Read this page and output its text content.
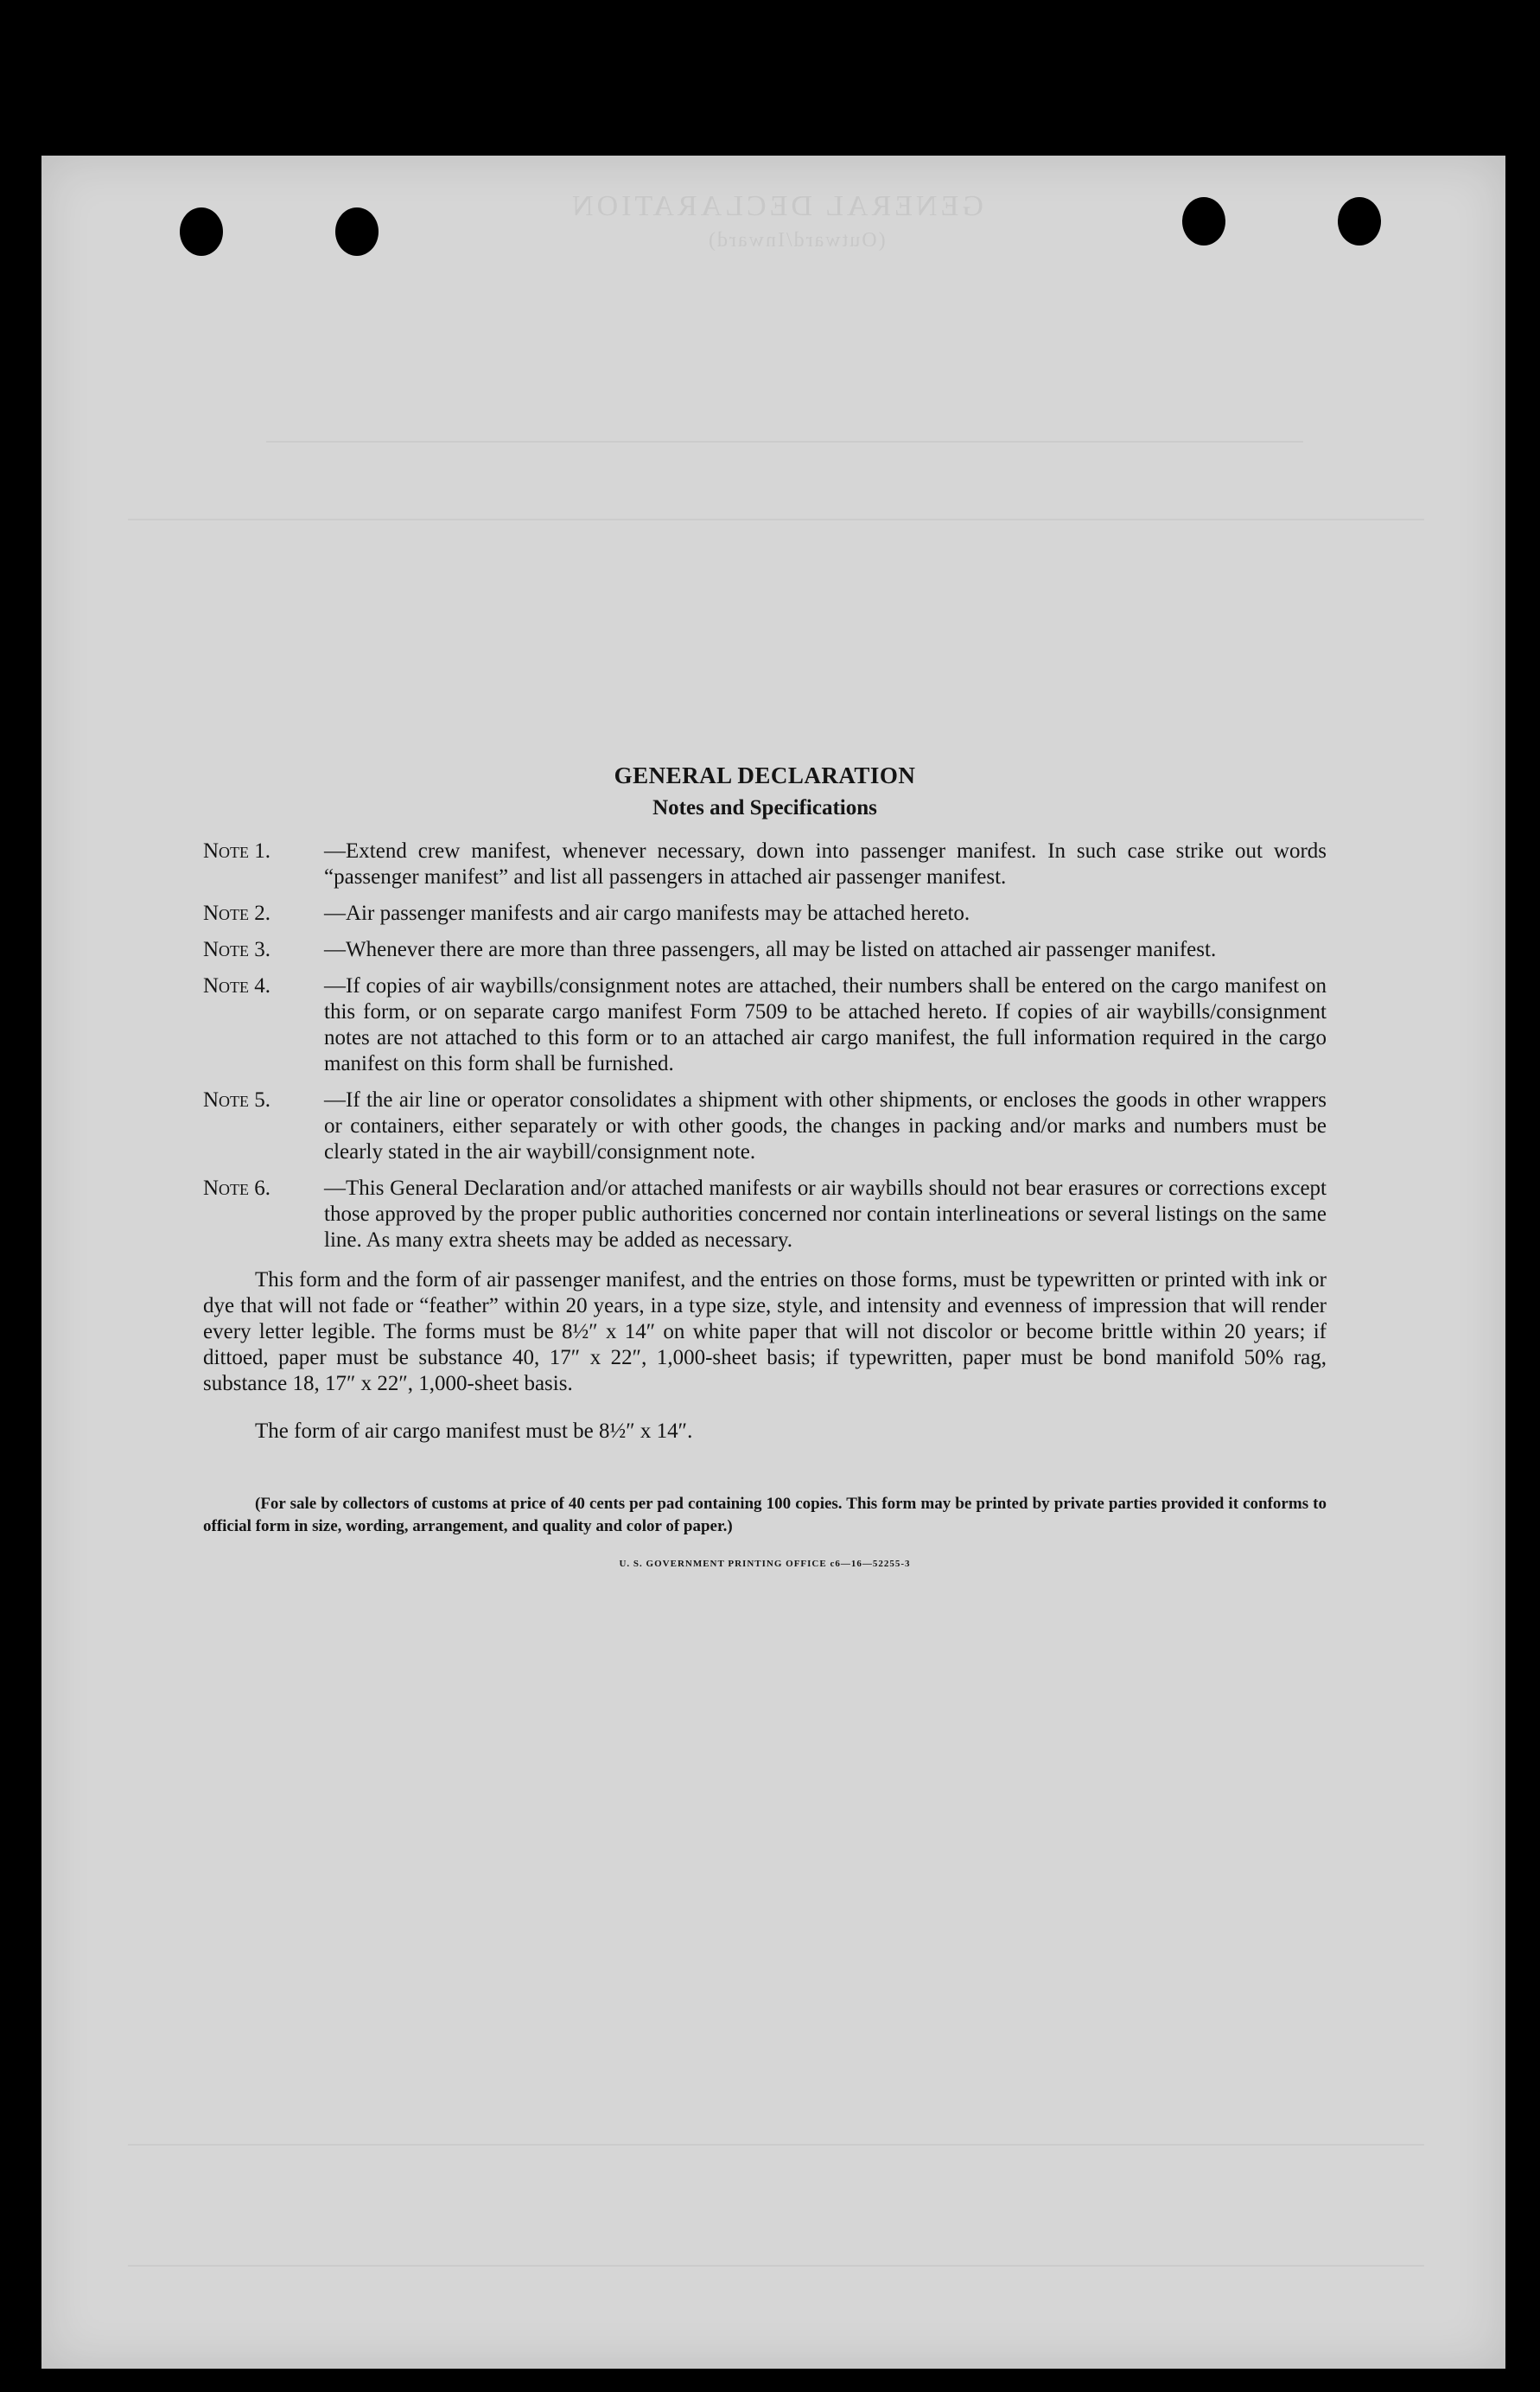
GENERAL DECLARATION
(Outward/Inward)
GENERAL DECLARATION
Notes and Specifications
Note 1.	—Extend crew manifest, whenever necessary, down into passenger manifest. In such case strike out words “passenger manifest” and list all passengers in attached air passenger manifest.
Note 2.	—Air passenger manifests and air cargo manifests may be attached hereto.
Note 3.	—Whenever there are more than three passengers, all may be listed on attached air passenger manifest.
Note 4.	—If copies of air waybills/consignment notes are attached, their numbers shall be entered on the cargo manifest on this form, or on separate cargo manifest Form 7509 to be attached hereto. If copies of air waybills/consignment notes are not attached to this form or to an attached air cargo manifest, the full information required in the cargo manifest on this form shall be furnished.
Note 5.	—If the air line or operator consolidates a shipment with other shipments, or encloses the goods in other wrappers or containers, either separately or with other goods, the changes in packing and/or marks and numbers must be clearly stated in the air waybill/consignment note.
Note 6.	—This General Declaration and/or attached manifests or air waybills should not bear erasures or corrections except those approved by the proper public authorities concerned nor contain interlineations or several listings on the same line. As many extra sheets may be added as necessary.

This form and the form of air passenger manifest, and the entries on those forms, must be typewritten or printed with ink or dye that will not fade or “feather” within 20 years, in a type size, style, and intensity and evenness of impression that will render every letter legible. The forms must be 8½″ x 14″ on white paper that will not discolor or become brittle within 20 years; if dittoed, paper must be substance 40, 17″ x 22″, 1,000-sheet basis; if typewritten, paper must be bond manifold 50% rag, substance 18, 17″ x 22″, 1,000-sheet basis.

The form of air cargo manifest must be 8½″ x 14″.

(For sale by collectors of customs at price of 40 cents per pad containing 100 copies. This form may be printed by private parties provided it conforms to official form in size, wording, arrangement, and quality and color of paper.)

U. S. GOVERNMENT PRINTING OFFICE c6—16—52255-3
